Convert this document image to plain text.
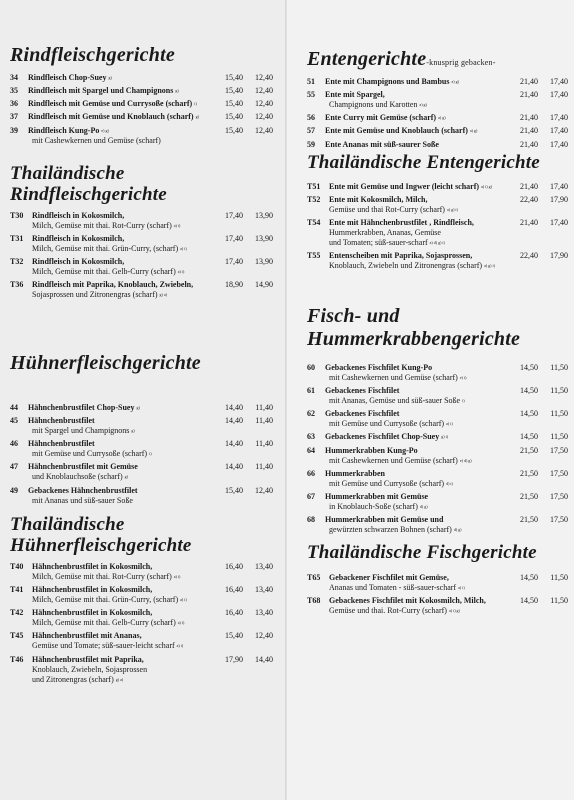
Rindfleischgerichte
34	Rindfleisch Chop-Suey g)	15,40	12,40
35	Rindfleisch mit Spargel und Champignons g)	15,40	12,40
36	Rindfleisch mit Gemüse und Currysoße (scharf) i)	15,40	12,40
37	Rindfleisch mit Gemüse und Knoblauch (scharf) g)	15,40	12,40
39	Rindfleisch Kung-Po e) g)
mit Cashewkernen und Gemüse (scharf)
15,40	12,40
Thailändische
Rindfleischgerichte
T30	Rindfleisch in Kokosmilch,
Milch, Gemüse mit thai. Rot-Curry (scharf) a) i)
17,40	13,90
T31	Rindfleisch in Kokosmilch,
Milch, Gemüse mit thai. Grün-Curry, (scharf) a) i)
17,40	13,90
T32	Rindfleisch in Kokosmilch,
Milch, Gemüse mit thai. Gelb-Curry (scharf) a) i)
17,40	13,90
T36	Rindfleisch mit Paprika, Knoblauch, Zwiebeln,
Sojasprossen und Zitronengras (scharf) g) a)
18,90	14,90
Hühnerfleischgerichte
44	Hähnchenbrustfilet Chop-Suey g)	14,40	11,40
45	Hähnchenbrustfilet
mit Spargel und Champignons g)
14,40	11,40
46	Hähnchenbrustfilet
mit Gemüse und Currysoße (scharf) i)
14,40	11,40
47	Hähnchenbrustfilet mit Gemüse
und Knoblauchsoße (scharf) g)
14,40	11,40
49	Gebackenes Hähnchenbrustfilet
mit Ananas und süß-sauer Soße
15,40	12,40
Thailändische
Hühnerfleischgerichte
T40	Hähnchenbrustfilet in Kokosmilch,
Milch, Gemüse mit thai. Rot-Curry (scharf) a) i)
16,40	13,40
T41	Hähnchenbrustfilet in Kokosmilch,
Milch, Gemüse mit thai. Grün-Curry, (scharf) a) i)
16,40	13,40
T42	Hähnchenbrustfilet in Kokosmilch,
Milch, Gemüse mit thai. Gelb-Curry (scharf) a) i)
16,40	13,40
T45	Hähnchenbrustfilet mit Ananas,
Gemüse und Tomate; süß-sauer-leicht scharf a) i)
15,40	12,40
T46	Hähnchenbrustfilet mit Paprika,
Knoblauch, Zwiebeln, Sojasprossen
und Zitronengras (scharf) g) a)
17,90	14,40
Entengerichte-knusprig gebacken-
51	Ente mit Champignons und Bambus a) g)	21,40	17,40
55	Ente mit Spargel,
Champignons und Karotten a) g)
21,40	17,40
56	Ente Curry mit Gemüse (scharf) a) g)	21,40	17,40
57	Ente mit Gemüse und Knoblauch (scharf) a) g)	21,40	17,40
59	Ente Ananas mit süß-saurer Soße	21,40	17,40
Thailändische Entengerichte
T51	Ente mit Gemüse und Ingwer (leicht scharf) a) i) g)	21,40	17,40
T52	Ente mit Kokosmilch, Milch,
Gemüse und thai Rot-Curry (scharf) a) g) i)
22,40	17,90
T54	Ente mit Hähnchenbrustfilet , Rindfleisch,
Hummerkrabben, Ananas, Gemüse
und Tomaten; süß-sauer-scharf a) d) g) i)
21,40	17,40
T55	Entenscheiben mit Paprika, Sojasprossen,
Knoblauch, Zwiebeln und Zitronengras (scharf) a) g) i)
22,40	17,90
Fisch- und
Hummerkrabbengerichte
60	Gebackenes Fischfilet Kung-Po
mit Cashewkernen und Gemüse (scharf) e) i)
14,50	11,50
61	Gebackenes Fischfilet
mit Ananas, Gemüse und süß-sauer Soße i)
14,50	11,50
62	Gebackenes Fischfilet
mit Gemüse und Currysoße (scharf) a) i)
14,50	11,50
63	Gebackenes Fischfilet Chop-Suey g) i)	14,50	11,50
64	Hummerkrabben Kung-Po
mit Cashewkernen und Gemüse (scharf) e) d) g)
21,50	17,50
66	Hummerkrabben
mit Gemüse und Currysoße (scharf) d) i)
21,50	17,50
67	Hummerkrabben mit Gemüse
in Knoblauch-Soße (scharf) d) g)
21,50	17,50
68	Hummerkrabben mit Gemüse und
gewürzten schwarzen Bohnen (scharf) d) g)
21,50	17,50
Thailändische Fischgerichte
T65	Gebackener Fischfilet mit Gemüse,
Ananas und Tomaten - süß-sauer-scharf a) i)
14,50	11,50
T68	Gebackenes Fischfilet mit Kokosmilch, Milch,
Gemüse und thai. Rot-Curry (scharf) a) i) g)
14,50	11,50
